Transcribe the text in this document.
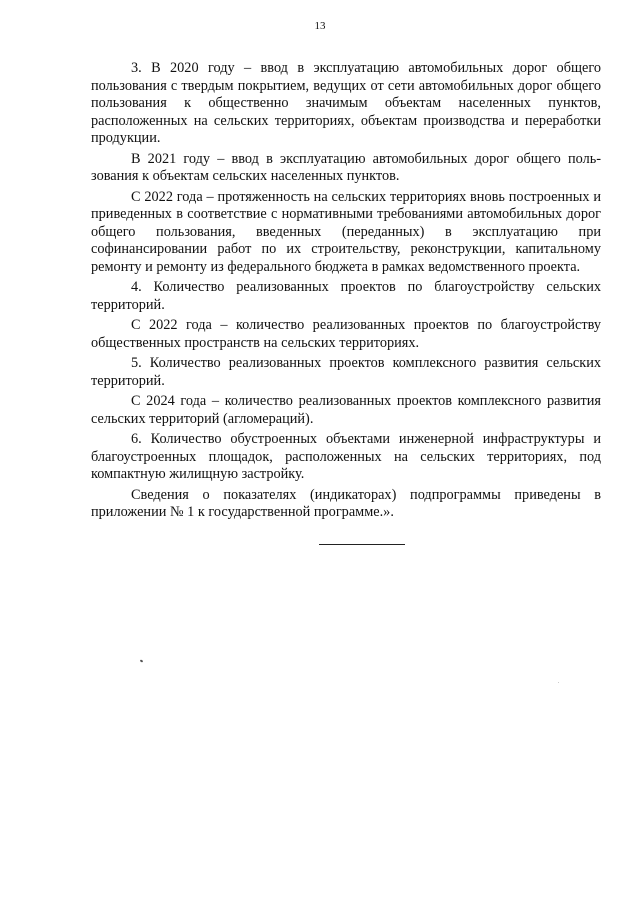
13

3. В 2020 году – ввод в эксплуатацию автомобильных дорог общего пользования с твердым покрытием, ведущих от сети автомобильных дорог общего пользования к общественно значимым объектам населенных пунктов, расположенных на сельских территориях, объектам производства и переработки продукции.

В 2021 году – ввод в эксплуатацию автомобильных дорог общего пользования к объектам сельских населенных пунктов.

С 2022 года – протяженность на сельских территориях вновь построенных и приведенных в соответствие с нормативными требованиями автомобильных дорог общего пользования, введенных (переданных) в эксплуатацию при софинансировании работ по их строительству, реконструкции, капитальному ремонту и ремонту из федерального бюджета в рамках ведомственного проекта.

4. Количество реализованных проектов по благоустройству сельских территорий.

С 2022 года – количество реализованных проектов по благоустройству общественных пространств на сельских территориях.

5. Количество реализованных проектов комплексного развития сельских территорий.

С 2024 года – количество реализованных проектов комплексного развития сельских территорий (агломераций).

6. Количество обустроенных объектами инженерной инфраструктуры и благоустроенных площадок, расположенных на сельских территориях, под компактную жилищную застройку.

Сведения о показателях (индикаторах) подпрограммы приведены в приложении № 1 к государственной программе.».
